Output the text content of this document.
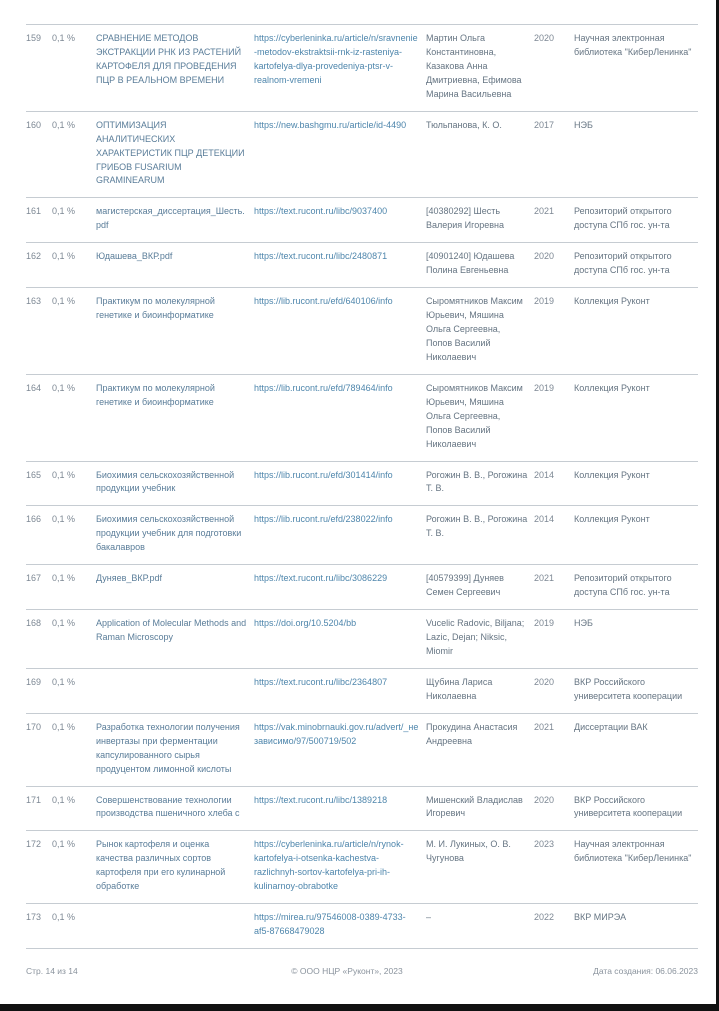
159	0,1 %	СРАВНЕНИЕ МЕТОДОВ ЭКСТРАКЦИИ РНК ИЗ РАСТЕНИЙ КАРТОФЕЛЯ ДЛЯ ПРОВЕДЕНИЯ ПЦР В РЕАЛЬНОМ ВРЕМЕНИ	https://cyberleninka.ru/article/n/sravnenie-metodov-ekstraktsii-rnk-iz-rasteniya-kartofelya-dlya-provedeniya-ptsr-v-realnom-vremeni	Мартин Ольга Константиновна, Казакова Анна Дмитриевна, Ефимова Марина Васильевна	2020	Научная электронная библиотека "КиберЛенинка"
160	0,1 %	ОПТИМИЗАЦИЯ АНАЛИТИЧЕСКИХ ХАРАКТЕРИСТИК ПЦР ДЕТЕКЦИИ ГРИБОВ FUSARIUM GRAMINEARUM	https://new.bashgmu.ru/article/id-4490	Тюльпанова, К. О.	2017	НЭБ
161	0,1 %	магистерская_диссертация_Шесть.pdf	https://text.rucont.ru/libc/9037400	[40380292] Шесть Валерия Игоревна	2021	Репозиторий открытого доступа СПб гос. ун-та
162	0,1 %	Юдашева_ВКР.pdf	https://text.rucont.ru/libc/2480871	[40901240] Юдашева Полина Евгеньевна	2020	Репозиторий открытого доступа СПб гос. ун-та
163	0,1 %	Практикум по молекулярной генетике и биоинформатике	https://lib.rucont.ru/efd/640106/info	Сыромятников Максим Юрьевич, Мяшина Ольга Сергеевна, Попов Василий Николаевич	2019	Коллекция Руконт
164	0,1 %	Практикум по молекулярной генетике и биоинформатике	https://lib.rucont.ru/efd/789464/info	Сыромятников Максим Юрьевич, Мяшина Ольга Сергеевна, Попов Василий Николаевич	2019	Коллекция Руконт
165	0,1 %	Биохимия сельскохозяйственной продукции учебник	https://lib.rucont.ru/efd/301414/info	Рогожин В. В., Рогожина Т. В.	2014	Коллекция Руконт
166	0,1 %	Биохимия сельскохозяйственной продукции учебник для подготовки бакалавров	https://lib.rucont.ru/efd/238022/info	Рогожин В. В., Рогожина Т. В.	2014	Коллекция Руконт
167	0,1 %	Дуняев_ВКР.pdf	https://text.rucont.ru/libc/3086229	[40579399] Дуняев Семен Сергеевич	2021	Репозиторий открытого доступа СПб гос. ун-та
168	0,1 %	Application of Molecular Methods and Raman Microscopy	https://doi.org/10.5204/bb	Vucelic Radovic, Biljana; Lazic, Dejan; Niksic, Miomir	2019	НЭБ
169	0,1 %		https://text.rucont.ru/libc/2364807	Щубина Лариса Николаевна	2020	ВКР Российского университета кооперации
170	0,1 %	Разработка технологии получения инвертазы при ферментации капсулированного сырья продуцентом лимонной кислоты	https://vak.minobrnauki.gov.ru/advert/_независимо/97/500719/502	Прокудина Анастасия Андреевна	2021	Диссертации ВАК
171	0,1 %	Совершенствование технологии производства пшеничного хлеба с	https://text.rucont.ru/libc/1389218	Мишенский Владислав Игоревич	2020	ВКР Российского университета кооперации
172	0,1 %	Рынок картофеля и оценка качества различных сортов картофеля при его кулинарной обработке	https://cyberleninka.ru/article/n/rynok-kartofelya-i-otsenka-kachestva-razlichnyh-sortov-kartofelya-pri-ih-kulinarnoy-obrabotke	М. И. Лукиных, О. В. Чугунова	2023	Научная электронная библиотека "КиберЛенинка"
173	0,1 %		https://mirea.ru/97546008-0389-4733-af5-87668479028	–	2022	ВКР МИРЭА
Стр. 14 из 14	© ООО НЦР «Руконт», 2023	Дата создания: 06.06.2023
